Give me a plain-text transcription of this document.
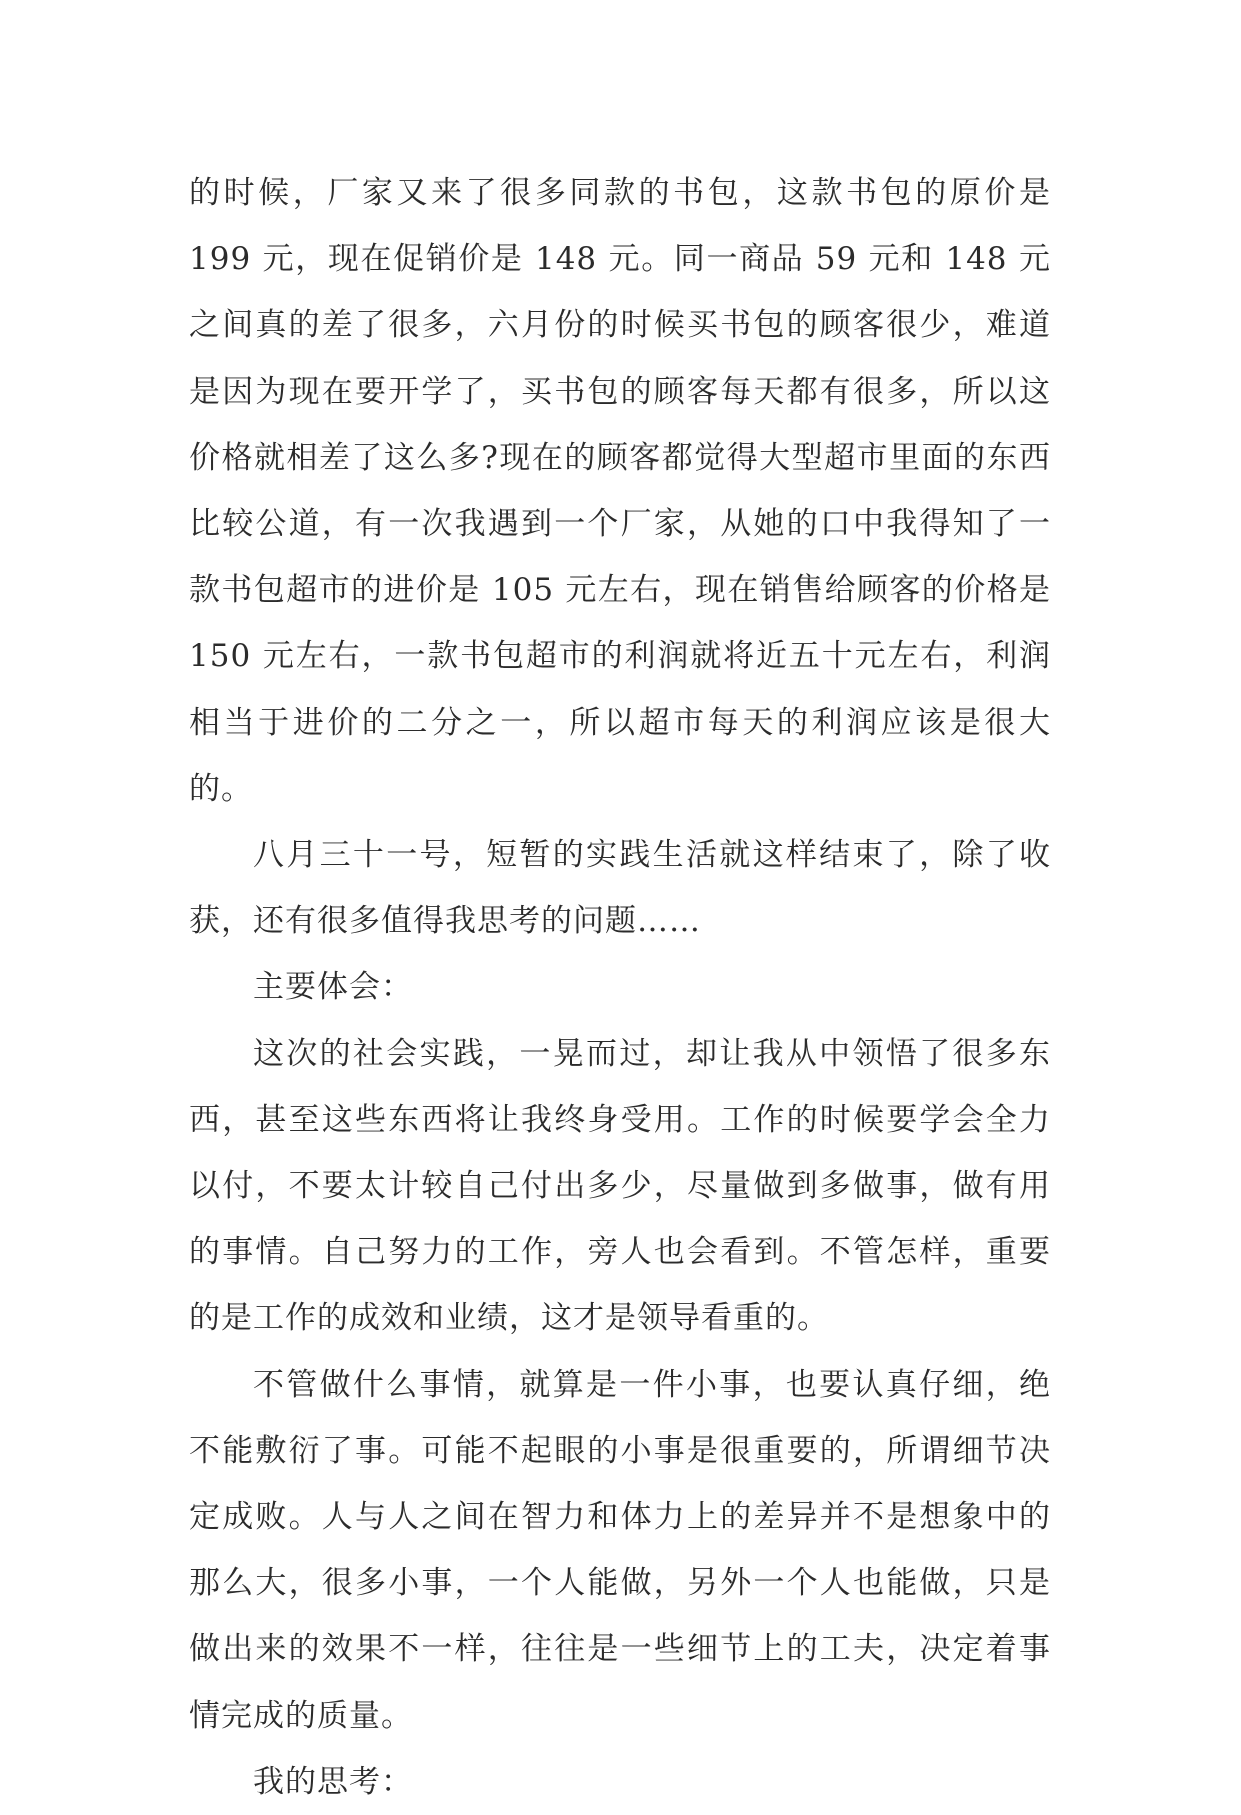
的时候，厂家又来了很多同款的书包，这款书包的原价是 199 元，现在促销价是 148 元。同一商品 59 元和 148 元之间真的差了很多，六月份的时候买书包的顾客很少，难道是因为现在要开学了，买书包的顾客每天都有很多，所以这价格就相差了这么多?现在的顾客都觉得大型超市里面的东西比较公道，有一次我遇到一个厂家，从她的口中我得知了一款书包超市的进价是 105 元左右，现在销售给顾客的价格是 150 元左右，一款书包超市的利润就将近五十元左右，利润相当于进价的二分之一，所以超市每天的利润应该是很大的。

八月三十一号，短暂的实践生活就这样结束了，除了收获，还有很多值得我思考的问题……

主要体会：

这次的社会实践，一晃而过，却让我从中领悟了很多东西，甚至这些东西将让我终身受用。工作的时候要学会全力以付，不要太计较自己付出多少，尽量做到多做事，做有用的事情。自己努力的工作，旁人也会看到。不管怎样，重要的是工作的成效和业绩，这才是领导看重的。

不管做什么事情，就算是一件小事，也要认真仔细，绝不能敷衍了事。可能不起眼的小事是很重要的，所谓细节决定成败。人与人之间在智力和体力上的差异并不是想象中的那么大，很多小事，一个人能做，另外一个人也能做，只是做出来的效果不一样，往往是一些细节上的工夫，决定着事情完成的质量。

我的思考：
